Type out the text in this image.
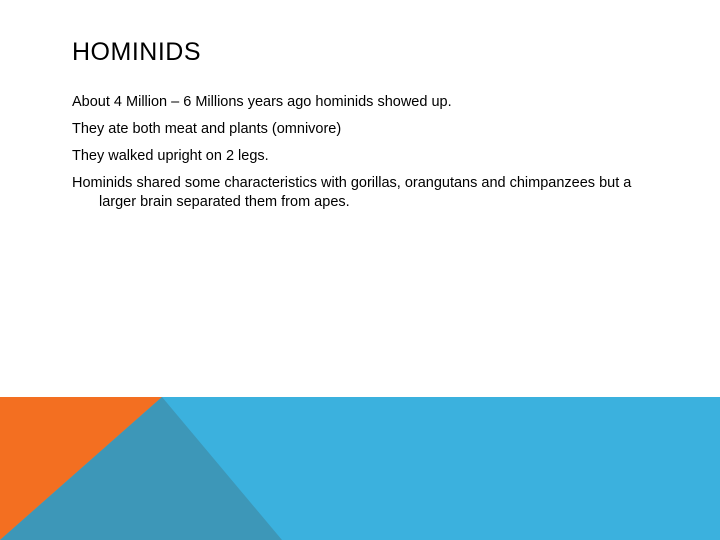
HOMINIDS
About 4 Million – 6 Millions years ago hominids showed up.
They ate both meat and plants (omnivore)
They walked upright on 2 legs.
Hominids shared some characteristics with gorillas, orangutans and chimpanzees but a larger brain separated them from apes.
